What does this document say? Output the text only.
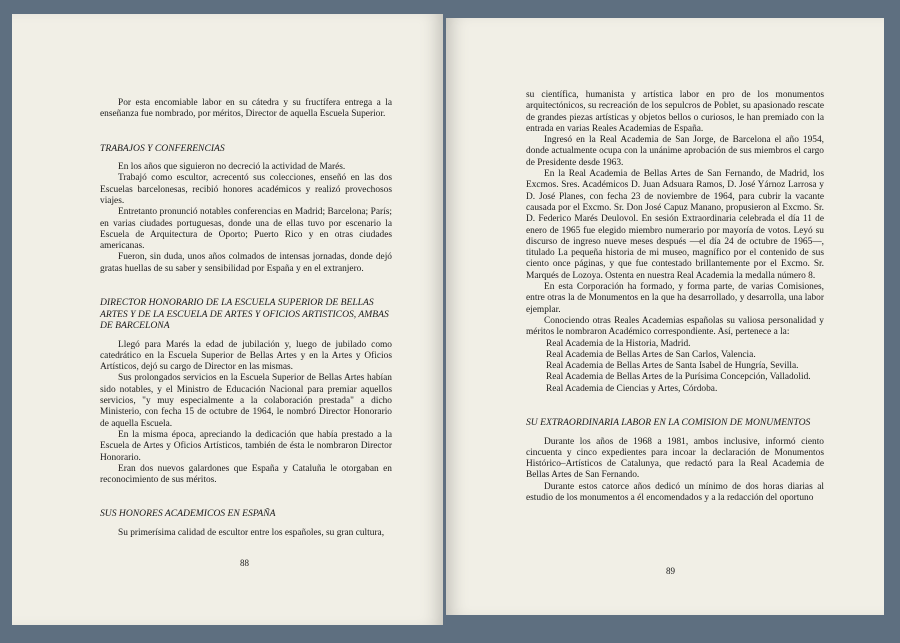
Por esta encomiable labor en su cátedra y su fructífera entrega a la enseñanza fue nombrado, por méritos, Director de aquella Escuela Superior.

TRABAJOS Y CONFERENCIAS

En los años que siguieron no decreció la actividad de Marés.

Trabajó como escultor, acrecentó sus colecciones, enseñó en las dos Escuelas barcelonesas, recibió honores académicos y realizó provechosos viajes.

Entretanto pronunció notables conferencias en Madrid; Barcelona; París; en varias ciudades portuguesas, donde una de ellas tuvo por escenario la Escuela de Arquitectura de Oporto; Puerto Rico y en otras ciudades americanas.

Fueron, sin duda, unos años colmados de intensas jornadas, donde dejó gratas huellas de su saber y sensibilidad por España y en el extranjero.

DIRECTOR HONORARIO DE LA ESCUELA SUPERIOR DE BELLAS ARTES Y DE LA ESCUELA DE ARTES Y OFICIOS ARTISTICOS, AMBAS DE BARCELONA

Llegó para Marés la edad de jubilación y, luego de jubilado como catedrático en la Escuela Superior de Bellas Artes y en la Artes y Oficios Artísticos, dejó su cargo de Director en las mismas.

Sus prolongados servicios en la Escuela Superior de Bellas Artes habían sido notables, y el Ministro de Educación Nacional para premiar aquellos servicios, "y muy especialmente a la colaboración prestada" a dicho Ministerio, con fecha 15 de octubre de 1964, le nombró Director Honorario de aquella Escuela.

En la misma época, apreciando la dedicación que había prestado a la Escuela de Artes y Oficios Artísticos, también de ésta le nombraron Director Honorario.

Eran dos nuevos galardones que España y Cataluña le otorgaban en reconocimiento de sus méritos.

SUS HONORES ACADEMICOS EN ESPAÑA

Su primerísima calidad de escultor entre los españoles, su gran cultura,

88

su científica, humanista y artística labor en pro de los monumentos arquitectónicos, su recreación de los sepulcros de Poblet, su apasionado rescate de grandes piezas artísticas y objetos bellos o curiosos, le han premiado con la entrada en varias Reales Academias de España.

Ingresó en la Real Academia de San Jorge, de Barcelona el año 1954, donde actualmente ocupa con la unánime aprobación de sus miembros el cargo de Presidente desde 1963.

En la Real Academia de Bellas Artes de San Fernando, de Madrid, los Excmos. Sres. Académicos D. Juan Adsuara Ramos, D. José Yárnoz Larrosa y D. José Planes, con fecha 23 de noviembre de 1964, para cubrir la vacante causada por el Excmo. Sr. Don José Capuz Manano, propusieron al Excmo. Sr. D. Federico Marés Deulovol. En sesión Extraordinaria celebrada el día 11 de enero de 1965 fue elegido miembro numerario por mayoría de votos. Leyó su discurso de ingreso nueve meses después —el día 24 de octubre de 1965—, titulado La pequeña historia de mi museo, magnífico por el contenido de sus ciento once páginas, y que fue contestado brillantemente por el Excmo. Sr. Marqués de Lozoya. Ostenta en nuestra Real Academia la medalla número 8.

En esta Corporación ha formado, y forma parte, de varias Comisiones, entre otras la de Monumentos en la que ha desarrollado, y desarrolla, una labor ejemplar.

Conociendo otras Reales Academias españolas su valiosa personalidad y méritos le nombraron Académico correspondiente. Así, pertenece a la:

Real Academia de la Historia, Madrid.
Real Academia de Bellas Artes de San Carlos, Valencia.
Real Academia de Bellas Artes de Santa Isabel de Hungría, Sevilla.
Real Academia de Bellas Artes de la Purísima Concepción, Valladolid.
Real Academia de Ciencias y Artes, Córdoba.
SU EXTRAORDINARIA LABOR EN LA COMISION DE MONUMENTOS

Durante los años de 1968 a 1981, ambos inclusive, informó ciento cincuenta y cinco expedientes para incoar la declaración de Monumentos Histórico–Artísticos de Catalunya, que redactó para la Real Academia de Bellas Artes de San Fernando.

Durante estos catorce años dedicó un mínimo de dos horas diarias al estudio de los monumentos a él encomendados y a la redacción del oportuno

89
